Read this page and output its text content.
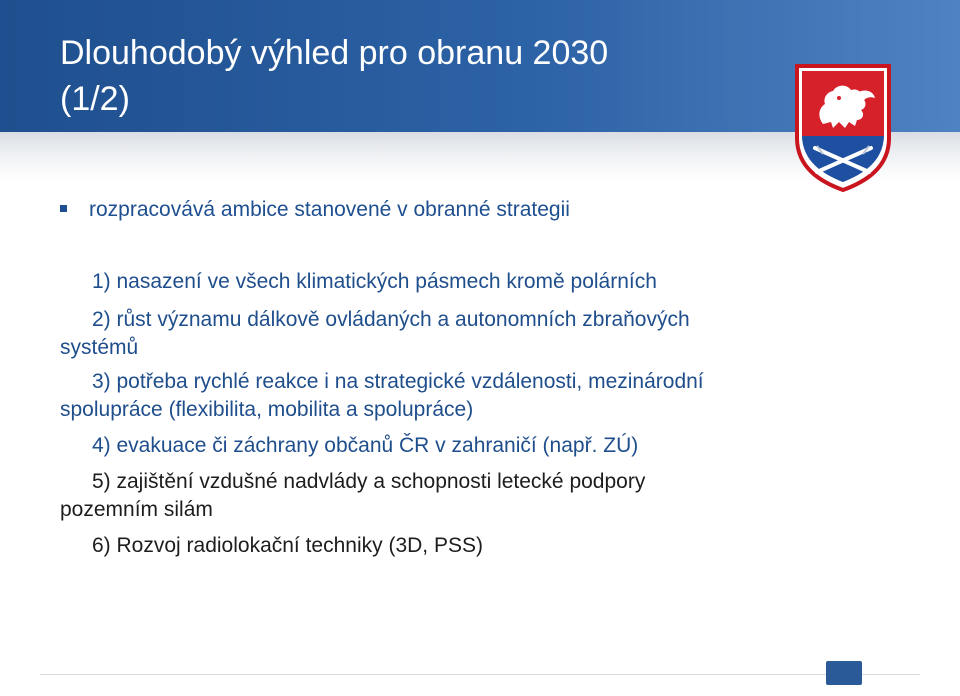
Dlouhodobý výhled pro obranu 2030
(1/2)
rozpracovává ambice stanovené v obranné strategii
1) nasazení ve všech klimatických pásmech kromě polárních
2) růst významu dálkově ovládaných a autonomních zbraňových
systémů
3) potřeba rychlé reakce i na strategické vzdálenosti, mezinárodní
spolupráce (flexibilita, mobilita a spolupráce)
4) evakuace či záchrany občanů ČR v zahraničí (např. ZÚ)
5) zajištění vzdušné nadvlády a schopnosti letecké podpory
pozemním silám
6) Rozvoj radiolokační techniky (3D, PSS)
